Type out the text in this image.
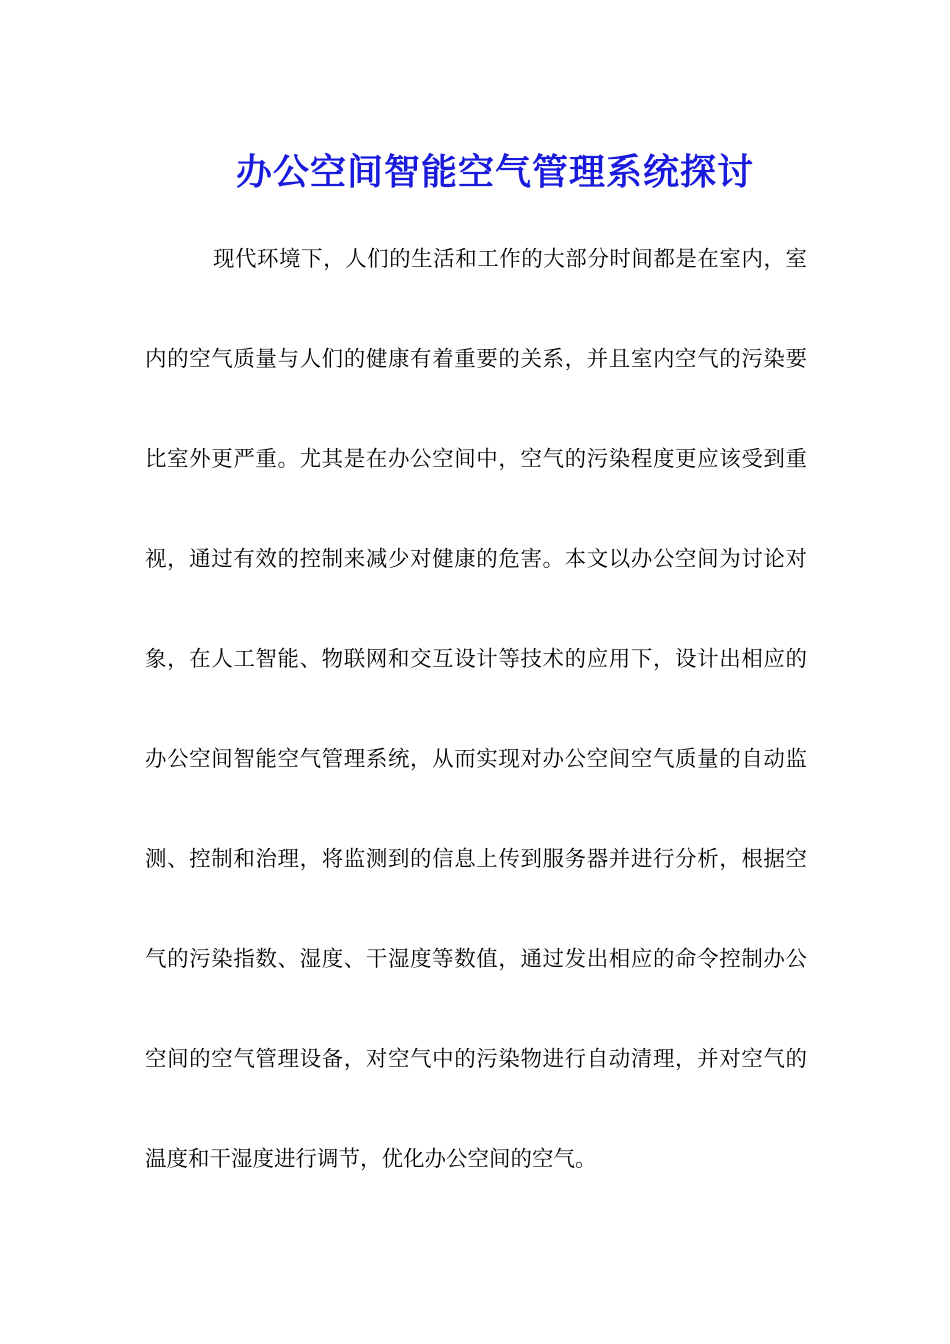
办公空间智能空气管理系统探讨

现代环境下，人们的生活和工作的大部分时间都是在室内，室内的空气质量与人们的健康有着重要的关系，并且室内空气的污染要比室外更严重。尤其是在办公空间中，空气的污染程度更应该受到重视，通过有效的控制来减少对健康的危害。本文以办公空间为讨论对象，在人工智能、物联网和交互设计等技术的应用下，设计出相应的办公空间智能空气管理系统，从而实现对办公空间空气质量的自动监测、控制和治理，将监测到的信息上传到服务器并进行分析，根据空气的污染指数、湿度、干湿度等数值，通过发出相应的命令控制办公空间的空气管理设备，对空气中的污染物进行自动清理，并对空气的温度和干湿度进行调节，优化办公空间的空气。
